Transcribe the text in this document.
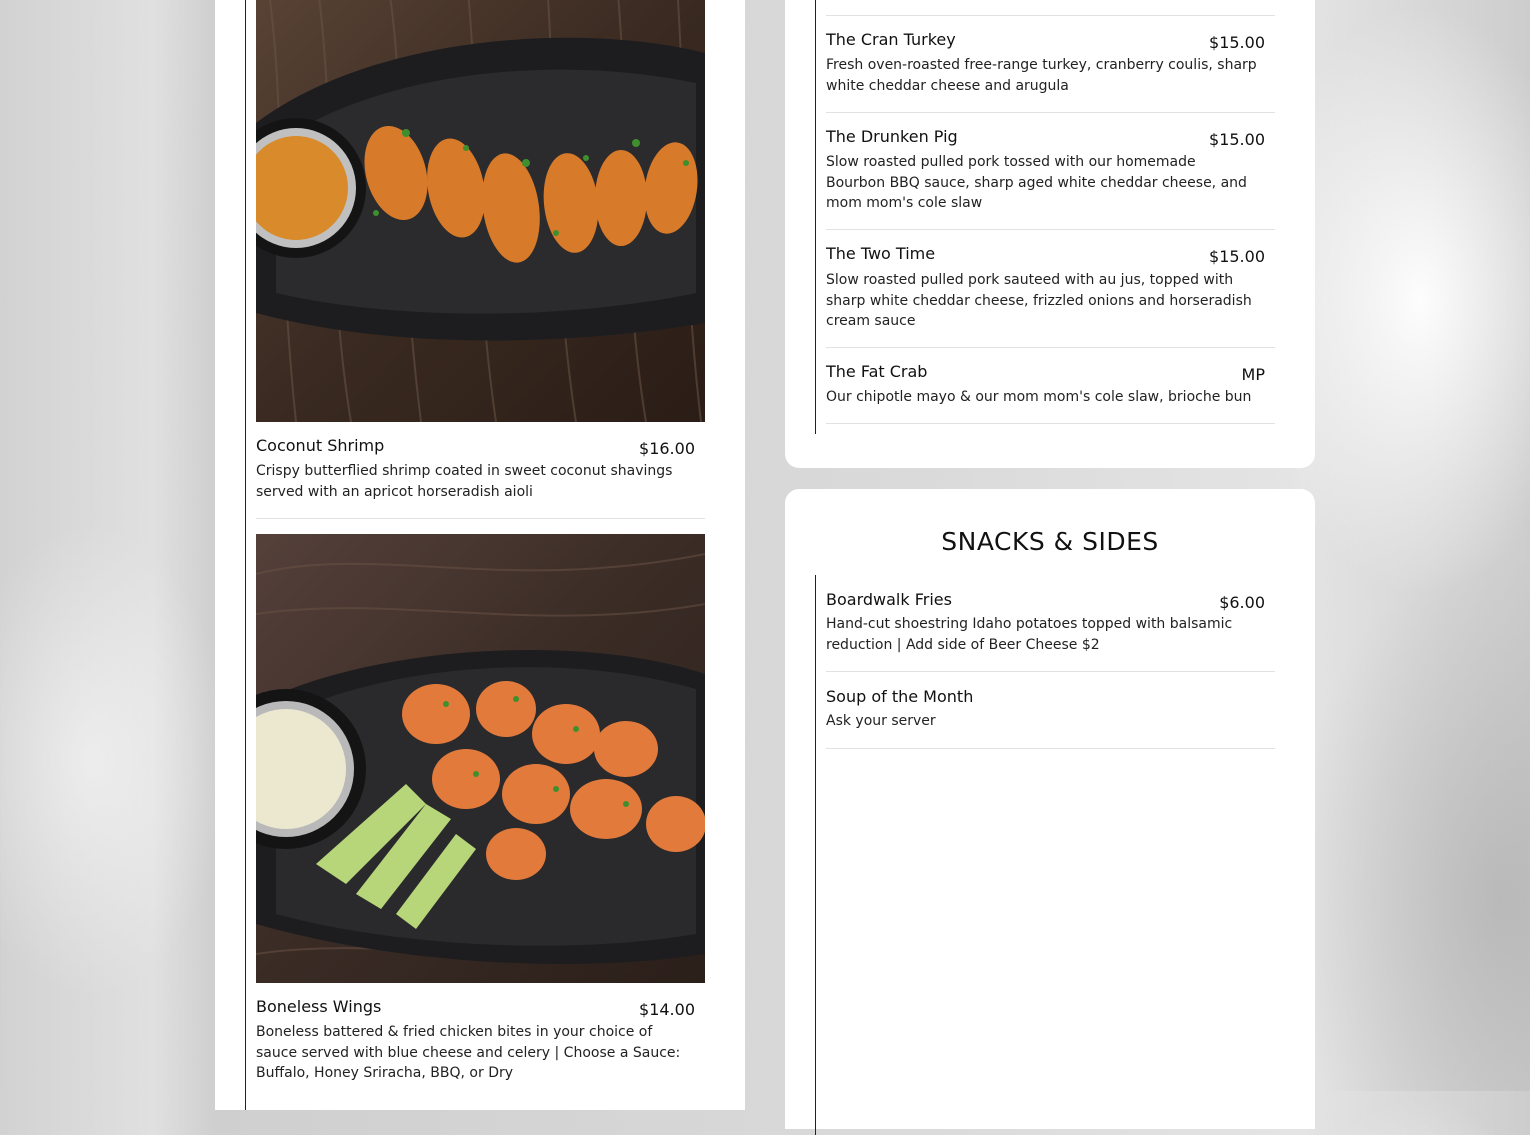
Coconut Shrimp	$16.00
Crispy butterflied shrimp coated in sweet coconut shavings served with an apricot horseradish aioli
Boneless Wings	$14.00
Boneless battered & fried chicken bites in your choice of sauce served with blue cheese and celery | Choose a Sauce: Buffalo, Honey Sriracha, BBQ, or Dry
The Cran Turkey	$15.00
Fresh oven-roasted free-range turkey, cranberry coulis, sharp white cheddar cheese and arugula
The Drunken Pig	$15.00
Slow roasted pulled pork tossed with our homemade Bourbon BBQ sauce, sharp aged white cheddar cheese, and mom mom's cole slaw
The Two Time	$15.00
Slow roasted pulled pork sauteed with au jus, topped with sharp white cheddar cheese, frizzled onions and horseradish cream sauce
The Fat Crab	MP
Our chipotle mayo & our mom mom's cole slaw, brioche bun
SNACKS & SIDES
Boardwalk Fries	$6.00
Hand-cut shoestring Idaho potatoes topped with balsamic reduction | Add side of Beer Cheese $2
Soup of the Month
Ask your server
